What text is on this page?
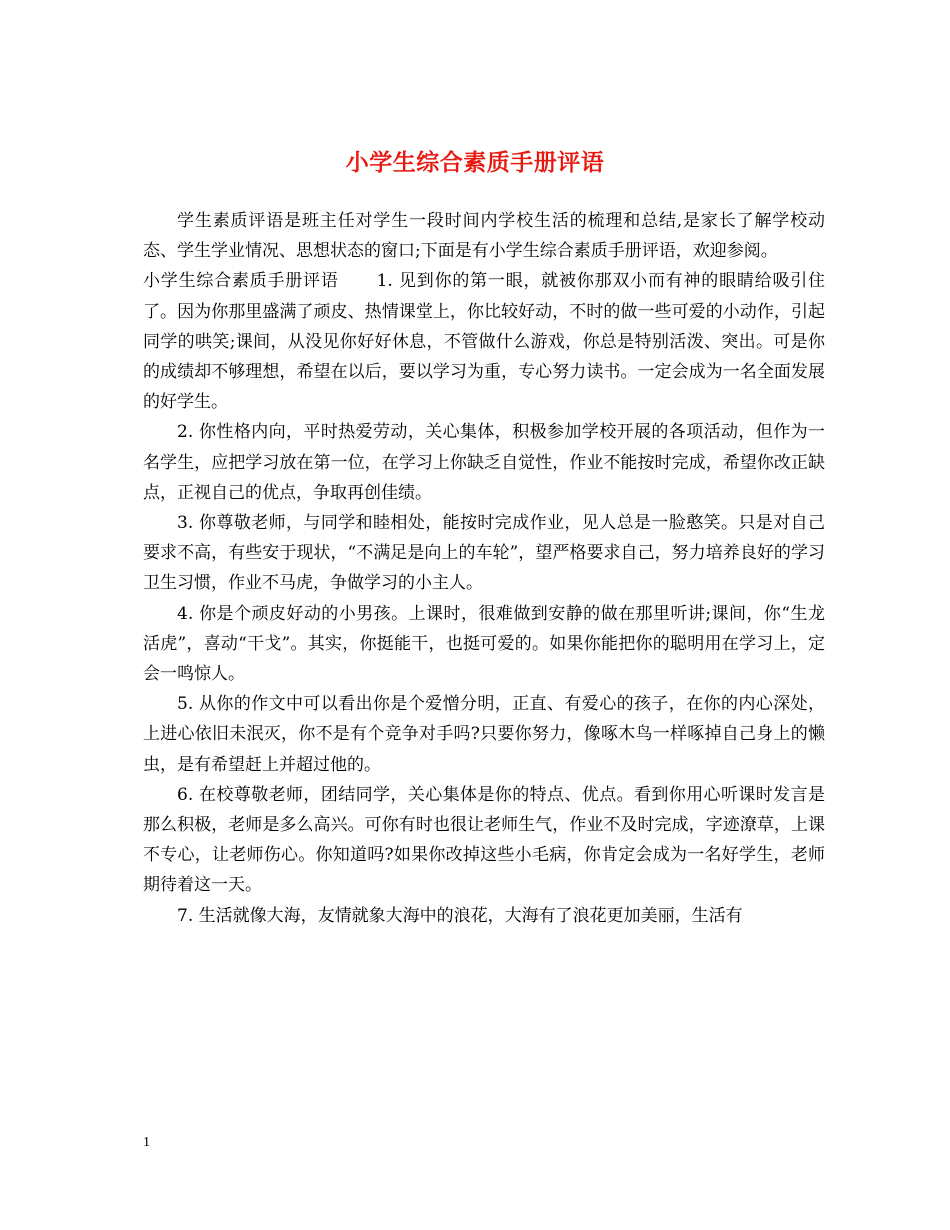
小学生综合素质手册评语

学生素质评语是班主任对学生一段时间内学校生活的梳理和总结,是家长了解学校动态、学生学业情况、思想状态的窗口;下面是有小学生综合素质手册评语，欢迎参阅。

小学生综合素质手册评语 1. 见到你的第一眼，就被你那双小而有神的眼睛给吸引住了。因为你那里盛满了顽皮、热情课堂上，你比较好动，不时的做一些可爱的小动作，引起同学的哄笑;课间，从没见你好好休息，不管做什么游戏，你总是特别活泼、突出。可是你的成绩却不够理想，希望在以后，要以学习为重，专心努力读书。一定会成为一名全面发展的好学生。

2. 你性格内向，平时热爱劳动，关心集体，积极参加学校开展的各项活动，但作为一名学生，应把学习放在第一位，在学习上你缺乏自觉性，作业不能按时完成，希望你改正缺点，正视自己的优点，争取再创佳绩。

3. 你尊敬老师，与同学和睦相处，能按时完成作业，见人总是一脸憨笑。只是对自己要求不高，有些安于现状，“不满足是向上的车轮”，望严格要求自己，努力培养良好的学习卫生习惯，作业不马虎，争做学习的小主人。

4. 你是个顽皮好动的小男孩。上课时，很难做到安静的做在那里听讲;课间，你“生龙活虎”，喜动“干戈”。其实，你挺能干，也挺可爱的。如果你能把你的聪明用在学习上，定会一鸣惊人。

5. 从你的作文中可以看出你是个爱憎分明，正直、有爱心的孩子，在你的内心深处，上进心依旧未泯灭，你不是有个竞争对手吗?只要你努力，像啄木鸟一样啄掉自己身上的懒虫，是有希望赶上并超过他的。

6. 在校尊敬老师，团结同学，关心集体是你的特点、优点。看到你用心听课时发言是那么积极，老师是多么高兴。可你有时也很让老师生气，作业不及时完成，字迹潦草，上课不专心，让老师伤心。你知道吗?如果你改掉这些小毛病，你肯定会成为一名好学生，老师期待着这一天。

7. 生活就像大海，友情就象大海中的浪花，大海有了浪花更加美丽，生活有

1
